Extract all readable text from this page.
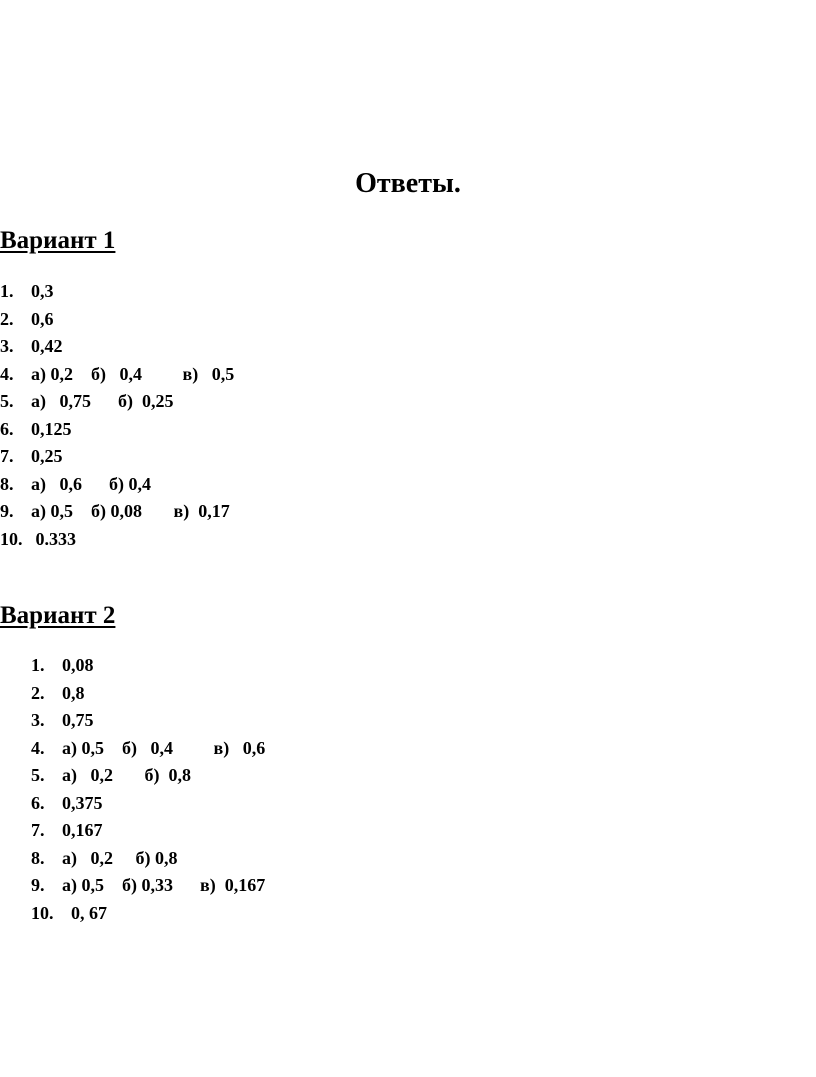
Ответы.
Вариант 1
1. 0,3
2. 0,6
3. 0,42
4. а) 0,2    б)   0,4         в)   0,5
5. а)   0,75      б)  0,25
6. 0,125
7. 0,25
8. а)   0,6      б) 0,4
9. а) 0,5    б) 0,08       в)  0,17
10. 0.333
Вариант 2
1. 0,08
2. 0,8
3. 0,75
4. а) 0,5    б)   0,4         в)   0,6
5. а)   0,2       б)  0,8
6. 0,375
7. 0,167
8. а)   0,2     б) 0,8
9. а) 0,5    б) 0,33      в)  0,167
10. 0, 67
